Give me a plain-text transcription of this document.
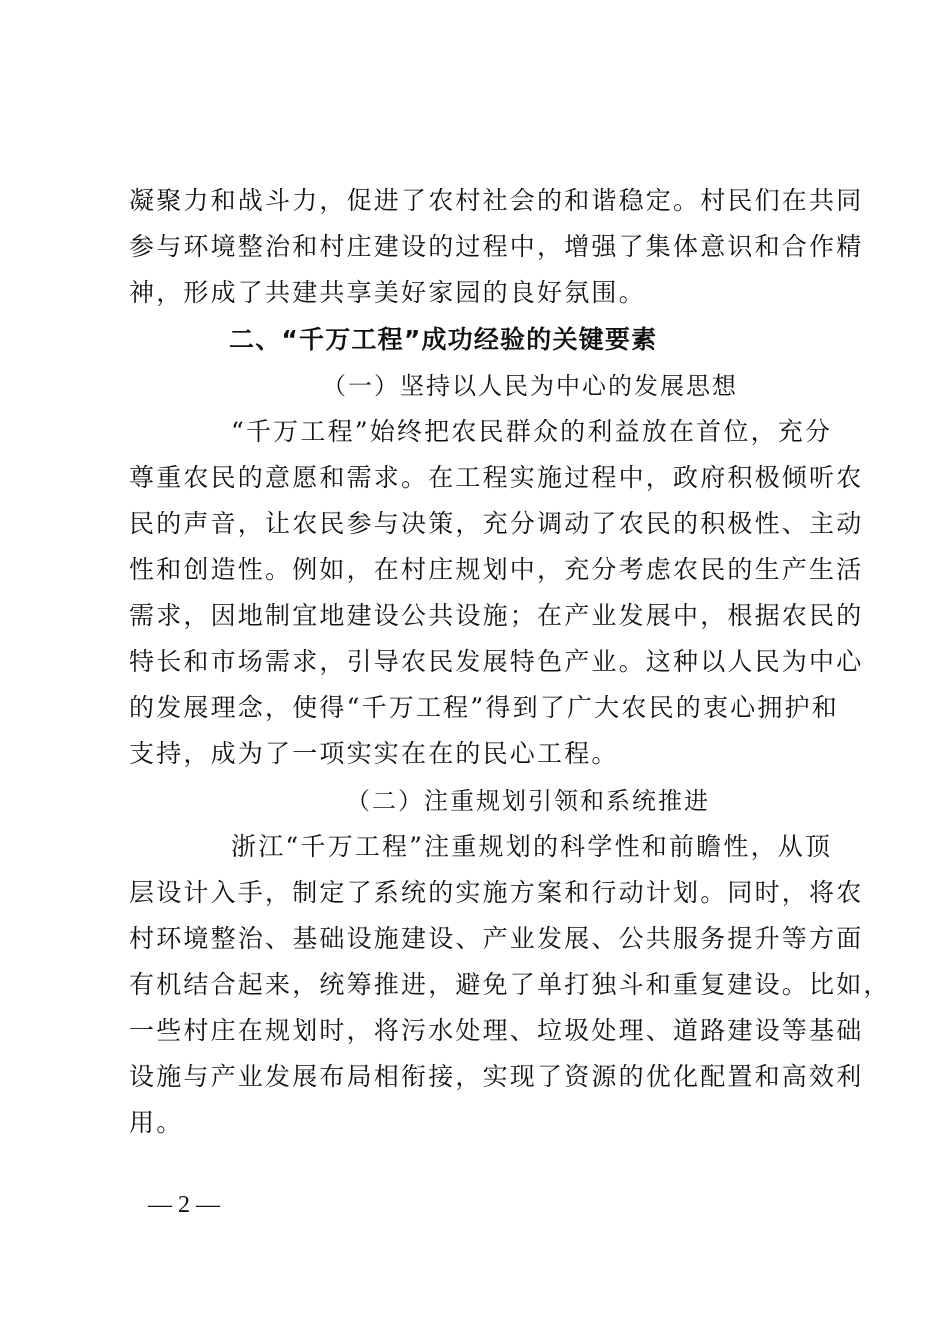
凝聚力和战斗力，促进了农村社会的和谐稳定。村民们在共同
参与环境整治和村庄建设的过程中，增强了集体意识和合作精
神，形成了共建共享美好家园的良好氛围。
二、“千万工程”成功经验的关键要素
（一）坚持以人民为中心的发展思想
“千万工程”始终把农民群众的利益放在首位，充分
尊重农民的意愿和需求。在工程实施过程中，政府积极倾听农
民的声音，让农民参与决策，充分调动了农民的积极性、主动
性和创造性。例如，在村庄规划中，充分考虑农民的生产生活
需求，因地制宜地建设公共设施；在产业发展中，根据农民的
特长和市场需求，引导农民发展特色产业。这种以人民为中心
的发展理念，使得“千万工程”得到了广大农民的衷心拥护和
支持，成为了一项实实在在的民心工程。
（二）注重规划引领和系统推进
浙江“千万工程”注重规划的科学性和前瞻性，从顶
层设计入手，制定了系统的实施方案和行动计划。同时，将农
村环境整治、基础设施建设、产业发展、公共服务提升等方面
有机结合起来，统筹推进，避免了单打独斗和重复建设。比如，
一些村庄在规划时，将污水处理、垃圾处理、道路建设等基础
设施与产业发展布局相衔接，实现了资源的优化配置和高效利
用。
— 2 —
